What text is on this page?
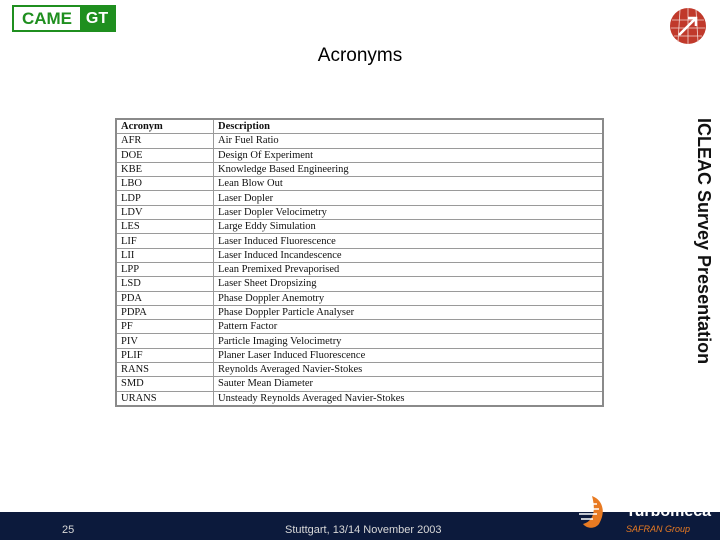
CAME GT
Acronyms
ICLEAC Survey Presentation
Acronym	Description
AFR	Air Fuel Ratio
DOE	Design Of Experiment
KBE	Knowledge Based Engineering
LBO	Lean Blow Out
LDP	Laser Dopler
LDV	Laser Dopler Velocimetry
LES	Large Eddy Simulation
LIF	Laser Induced Fluorescence
LII	Laser Induced Incandescence
LPP	Lean Premixed Prevaporised
LSD	Laser Sheet Dropsizing
PDA	Phase Doppler Anemotry
PDPA	Phase Doppler Particle Analyser
PF	Pattern Factor
PIV	Particle Imaging Velocimetry
PLIF	Planer Laser Induced Fluorescence
RANS	Reynolds Averaged Navier-Stokes
SMD	Sauter Mean Diameter
URANS	Unsteady Reynolds Averaged Navier-Stokes
25	Stuttgart, 13/14 November 2003
Turbomeca
SAFRAN Group
